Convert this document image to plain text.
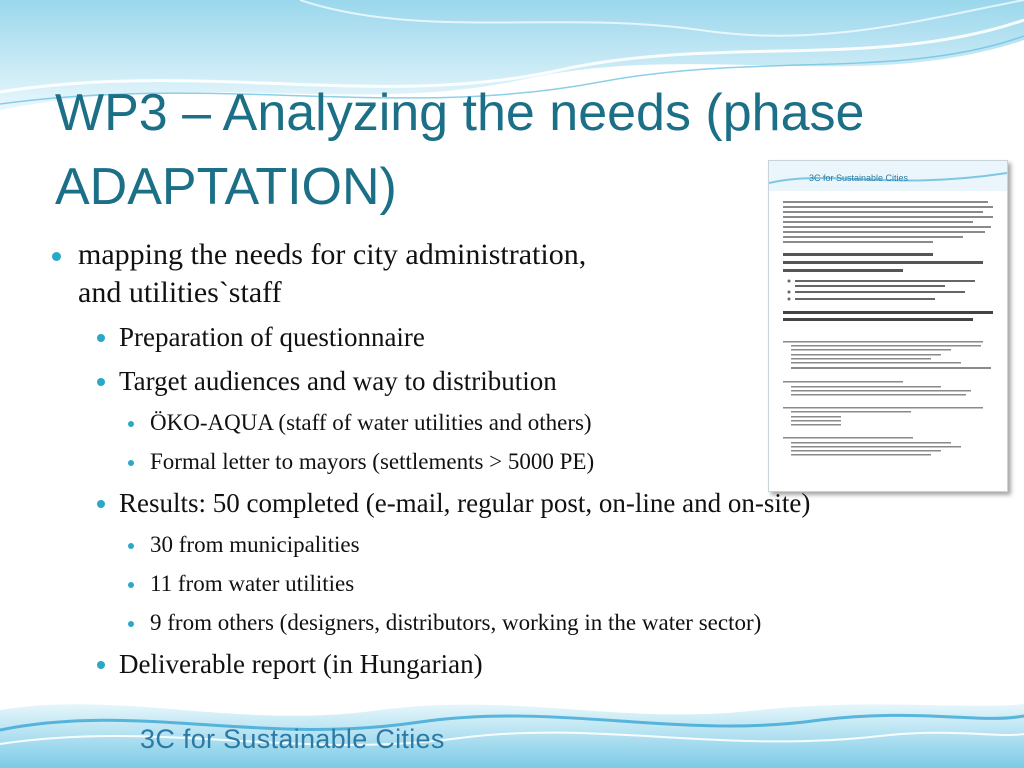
WP3 – Analyzing the needs (phase
ADAPTATION)	3C for Sustainable Cities
mapping the needs for city administration,
and utilities`staff
Preparation of questionnaire
Target audiences and way to distribution
ÖKO-AQUA (staff of water utilities and others)
Formal letter to mayors (settlements > 5000 PE)
Results: 50 completed (e-mail, regular post, on-line and on-site)
30 from municipalities
11 from water utilities
9 from others (designers, distributors, working in the water sector)
Deliverable report (in Hungarian)
3C for Sustainable Cities
